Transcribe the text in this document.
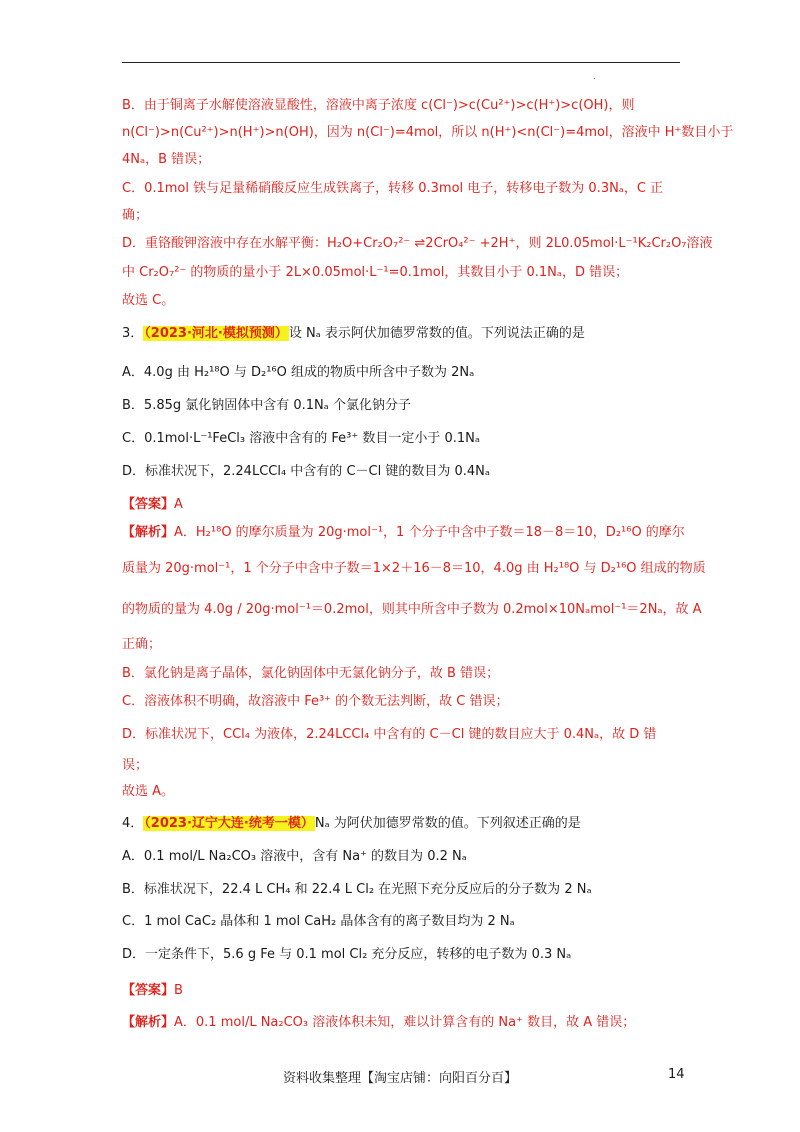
.
B．由于铜离子水解使溶液显酸性，溶液中离子浓度 c(Cl⁻)>c(Cu²⁺)>c(H⁺)>c(OH)，则
n(Cl⁻)>n(Cu²⁺)>n(H⁺)>n(OH)，因为 n(Cl⁻)=4mol，所以 n(H⁺)<n(Cl⁻)=4mol，溶液中 H⁺数目小于
4Nₐ，B 错误；
C．0.1mol 铁与足量稀硝酸反应生成铁离子，转移 0.3mol 电子，转移电子数为 0.3Nₐ，C 正
确；
D．重铬酸钾溶液中存在水解平衡：H₂O+Cr₂O₇²⁻ ⇌2CrO₄²⁻ +2H⁺，则 2L0.05mol·L⁻¹K₂Cr₂O₇溶液
中 Cr₂O₇²⁻ 的物质的量小于 2L×0.05mol·L⁻¹=0.1mol，其数目小于 0.1Nₐ，D 错误；
故选 C。
3．（2023·河北·模拟预测）设 Nₐ 表示阿伏加德罗常数的值。下列说法正确的是
A．4.0g 由 H₂¹⁸O 与 D₂¹⁶O 组成的物质中所含中子数为 2Nₐ
B．5.85g 氯化钠固体中含有 0.1Nₐ 个氯化钠分子
C．0.1mol·L⁻¹FeCl₃ 溶液中含有的 Fe³⁺ 数目一定小于 0.1Nₐ
D．标准状况下，2.24LCCl₄ 中含有的 C－Cl 键的数目为 0.4Nₐ
【答案】A
【解析】A．H₂¹⁸O 的摩尔质量为 20g·mol⁻¹，1 个分子中含中子数＝18－8＝10，D₂¹⁶O 的摩尔
质量为 20g·mol⁻¹，1 个分子中含中子数＝1×2＋16－8＝10，4.0g 由 H₂¹⁸O 与 D₂¹⁶O 组成的物质
的物质的量为 4.0g / 20g·mol⁻¹＝0.2mol，则其中所含中子数为 0.2mol×10Nₐmol⁻¹＝2Nₐ，故 A
正确；
B．氯化钠是离子晶体，氯化钠固体中无氯化钠分子，故 B 错误；
C．溶液体积不明确，故溶液中 Fe³⁺ 的个数无法判断，故 C 错误；
D．标准状况下，CCl₄ 为液体，2.24LCCl₄ 中含有的 C－Cl 键的数目应大于 0.4Nₐ，故 D 错
误；
故选 A。
4．（2023·辽宁大连·统考一模）Nₐ 为阿伏加德罗常数的值。下列叙述正确的是
A．0.1 mol/L Na₂CO₃ 溶液中，含有 Na⁺ 的数目为 0.2 Nₐ
B．标准状况下，22.4 L CH₄ 和 22.4 L Cl₂ 在光照下充分反应后的分子数为 2 Nₐ
C．1 mol CaC₂ 晶体和 1 mol CaH₂ 晶体含有的离子数目均为 2 Nₐ
D．一定条件下，5.6 g Fe 与 0.1 mol Cl₂ 充分反应，转移的电子数为 0.3 Nₐ
【答案】B
【解析】A．0.1 mol/L Na₂CO₃ 溶液体积未知，难以计算含有的 Na⁺ 数目，故 A 错误；
资料收集整理【淘宝店铺：向阳百分百】	14
